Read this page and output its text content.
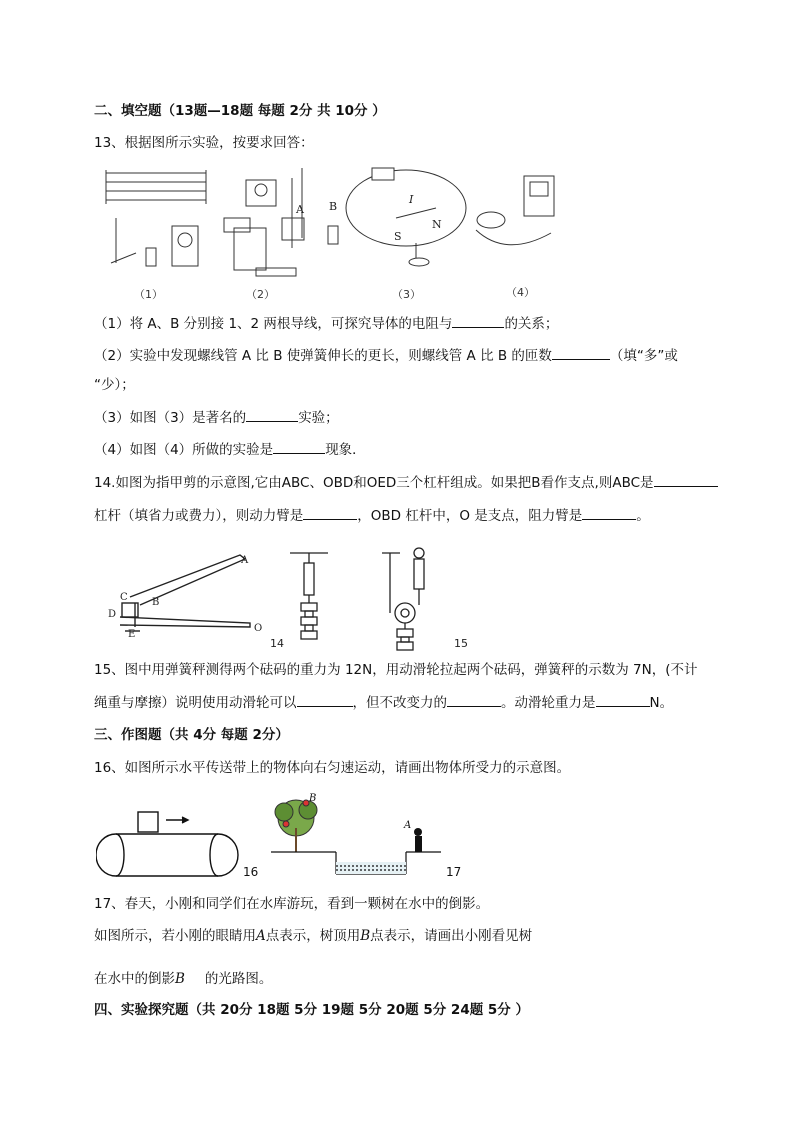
二、填空题（13题—18题 每题 2分 共 10分 ）
13、根据图所示实验，按要求回答：
A B
I
S
N
（1）	（2）	（3）	（4）
（1）将 A、B 分别接 1、2 两根导线，可探究导体的电阻与	的关系；
（2）实验中发现螺线管 A 比 B 使弹簧伸长的更长，则螺线管 A 比 B 的匝数	（填“多”或
“少）；
（3）如图（3）是著名的	实验；
（4）如图（4）所做的实验是	现象．
14.如图为指甲剪的示意图,它由ABC、OBD和OED三个杠杆组成。如果把B看作支点,则ABC是
杠杆（填省力或费力），则动力臂是	，OBD 杠杆中，O 是支点，阻力臂是	。
A
B
C
D
E
O
14	15
15、图中用弹簧秤测得两个砝码的重力为 12N，用动滑轮拉起两个砝码，弹簧秤的示数为 7N，(不计
绳重与摩擦）说明使用动滑轮可以	，但不改变力的	。动滑轮重力是	N。
三、作图题（共 4分 每题 2分）
16、如图所示水平传送带上的物体向右匀速运动，请画出物体所受力的示意图。
16
B
A
17
17、春天，小刚和同学们在水库游玩，看到一颗树在水中的倒影。
如图所示，若小刚的眼睛用A点表示，树顶用B点表示，请画出小刚看见树
在水中的倒影B 的光路图。
四、实验探究题（共 20分 18题 5分 19题 5分 20题 5分 24题 5分 ）
